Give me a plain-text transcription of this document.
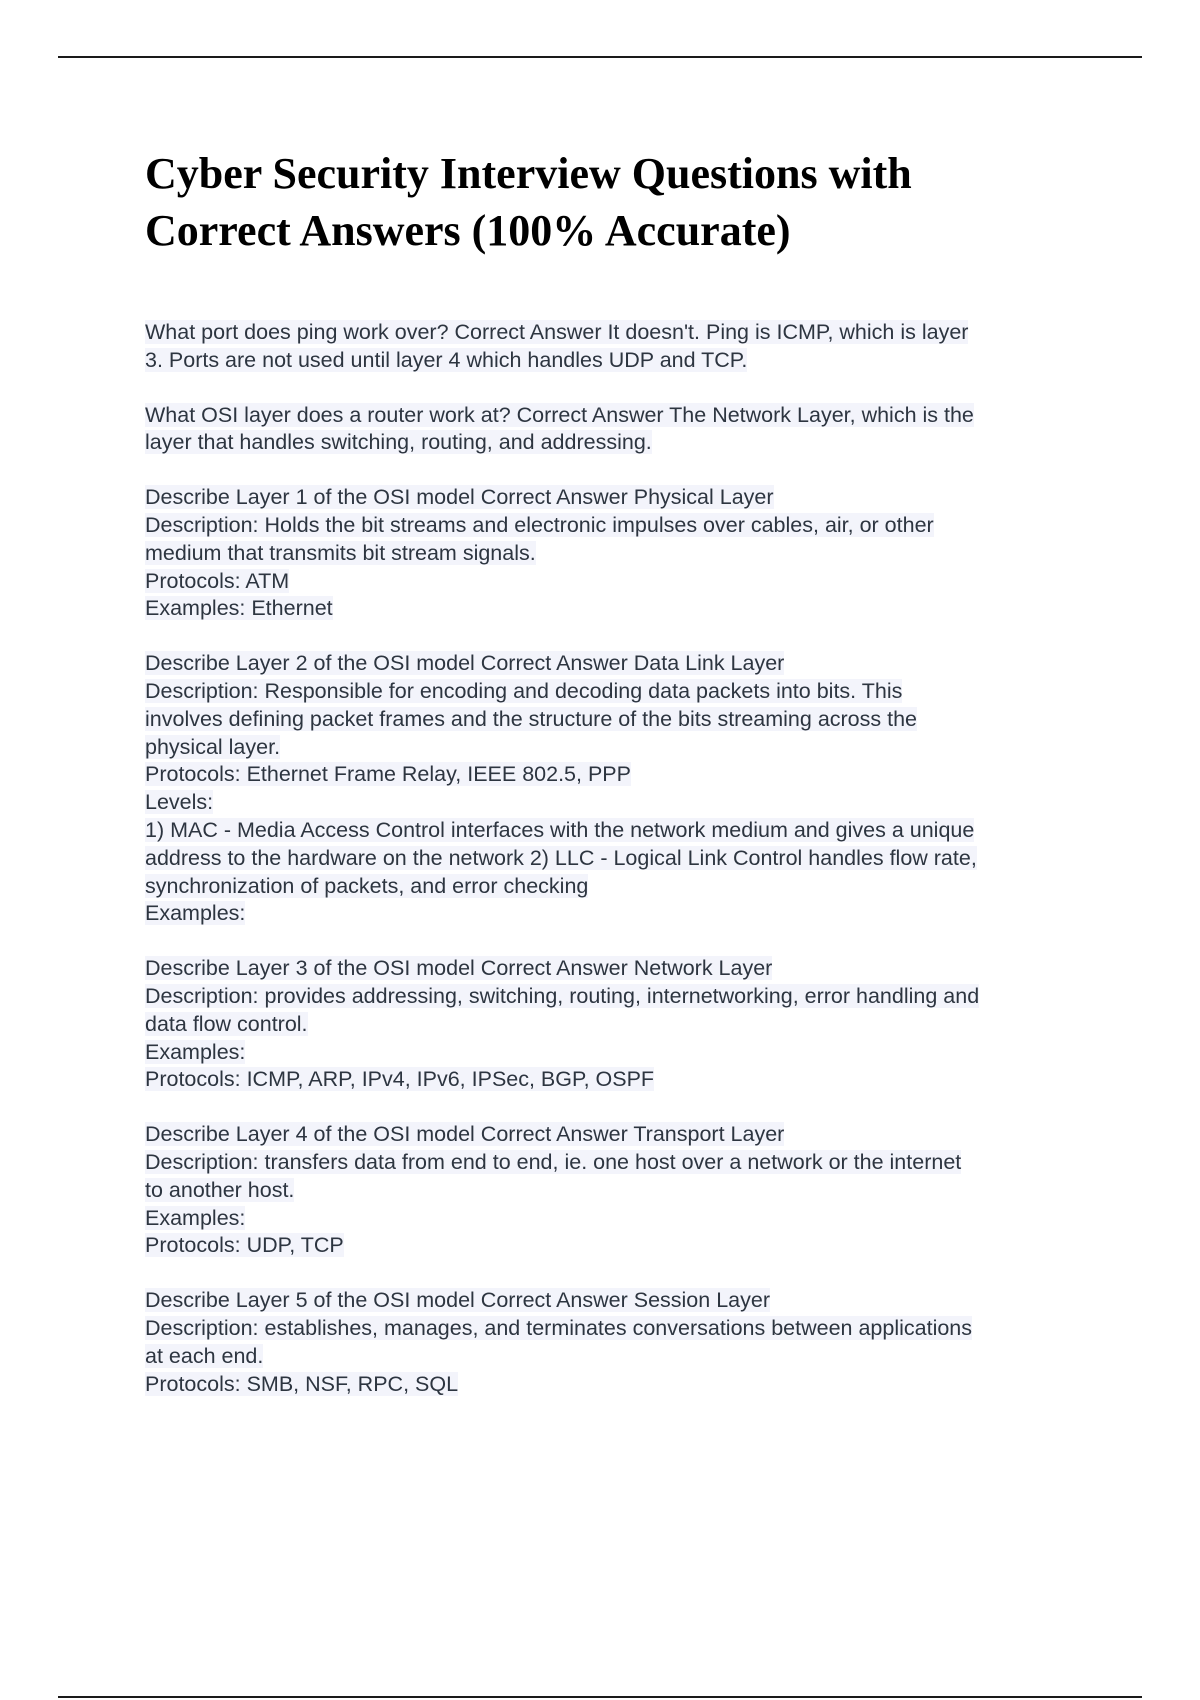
Cyber Security Interview Questions with
Correct Answers (100% Accurate)
What port does ping work over? Correct Answer It doesn't. Ping is ICMP, which is layer
3. Ports are not used until layer 4 which handles UDP and TCP.
What OSI layer does a router work at? Correct Answer The Network Layer, which is the
layer that handles switching, routing, and addressing.
Describe Layer 1 of the OSI model Correct Answer Physical Layer
Description: Holds the bit streams and electronic impulses over cables, air, or other
medium that transmits bit stream signals.
Protocols: ATM
Examples: Ethernet
Describe Layer 2 of the OSI model Correct Answer Data Link Layer
Description: Responsible for encoding and decoding data packets into bits. This
involves defining packet frames and the structure of the bits streaming across the
physical layer.
Protocols: Ethernet Frame Relay, IEEE 802.5, PPP
Levels:
1) MAC - Media Access Control interfaces with the network medium and gives a unique
address to the hardware on the network 2) LLC - Logical Link Control handles flow rate,
synchronization of packets, and error checking
Examples:
Describe Layer 3 of the OSI model Correct Answer Network Layer
Description: provides addressing, switching, routing, internetworking, error handling and
data flow control.
Examples:
Protocols: ICMP, ARP, IPv4, IPv6, IPSec, BGP, OSPF
Describe Layer 4 of the OSI model Correct Answer Transport Layer
Description: transfers data from end to end, ie. one host over a network or the internet
to another host.
Examples:
Protocols: UDP, TCP
Describe Layer 5 of the OSI model Correct Answer Session Layer
Description: establishes, manages, and terminates conversations between applications
at each end.
Protocols: SMB, NSF, RPC, SQL
